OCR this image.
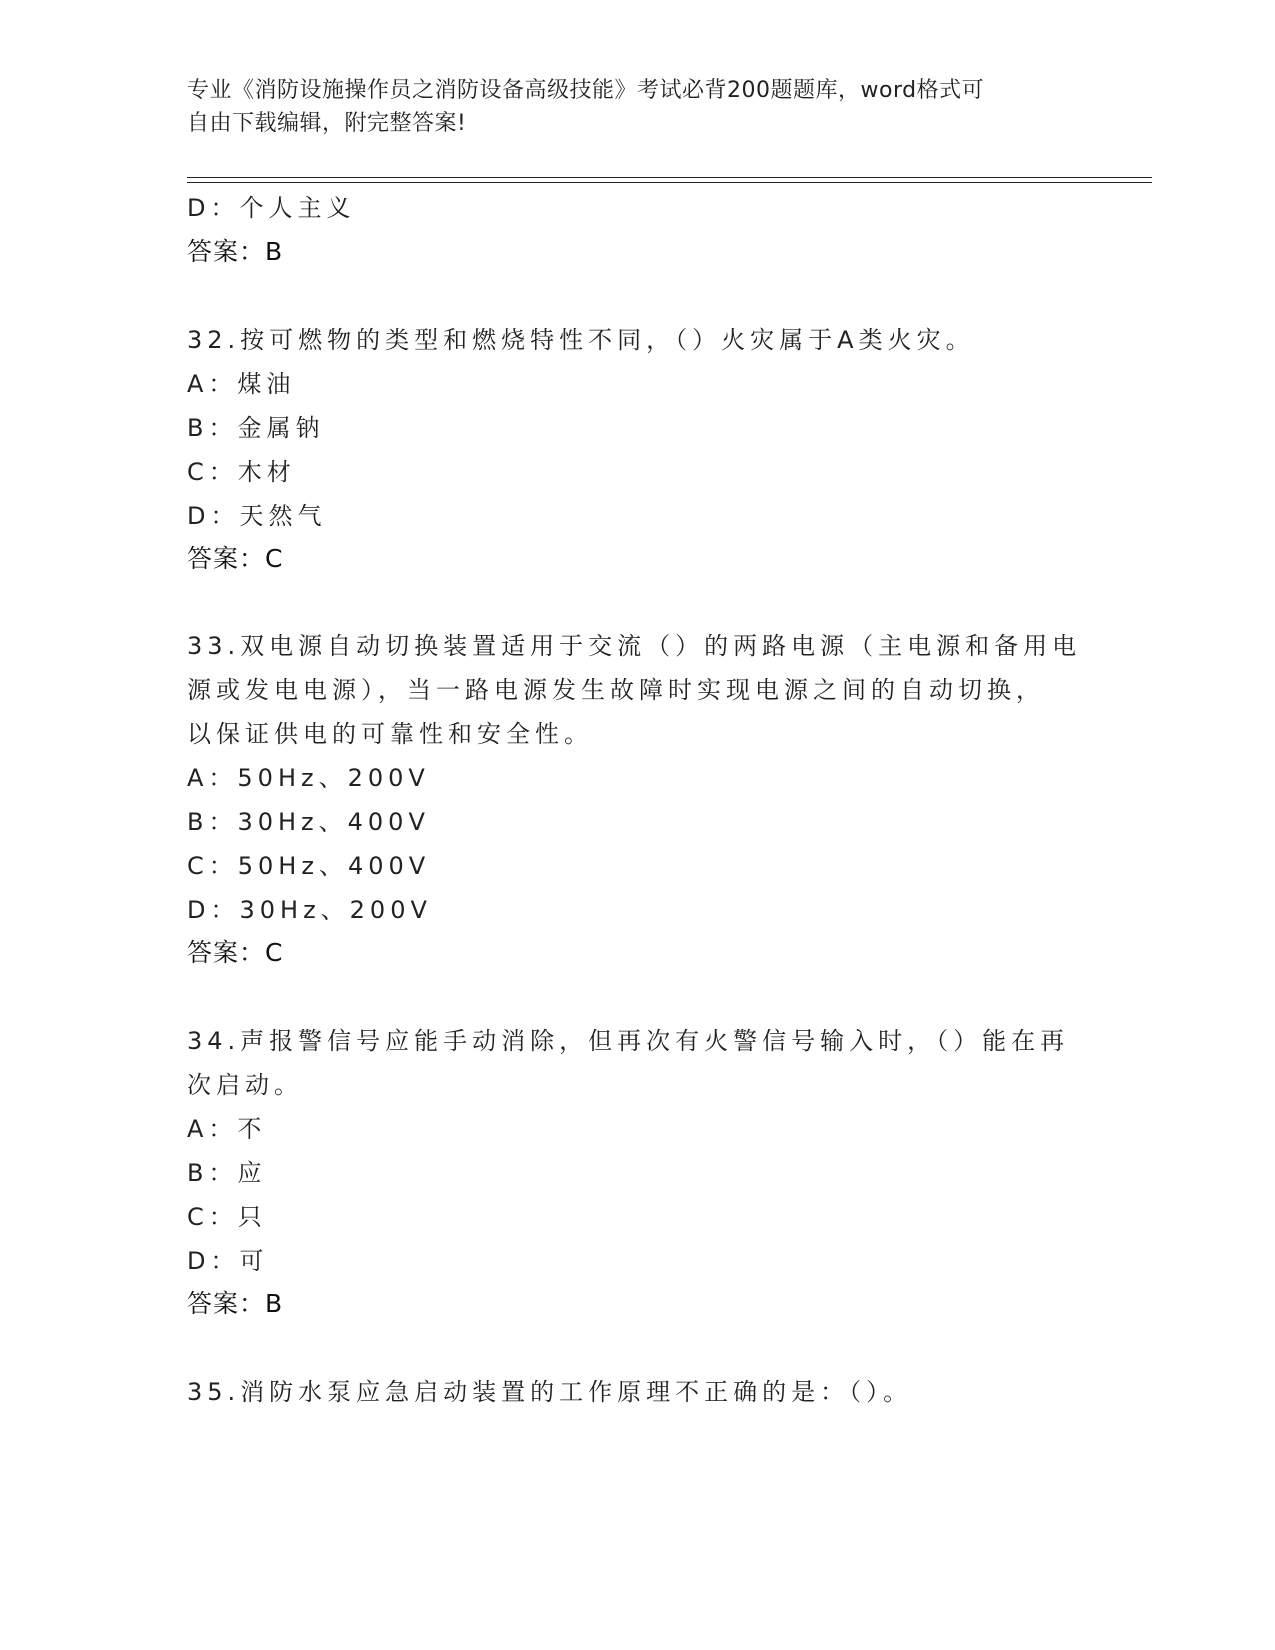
专业《消防设施操作员之消防设备高级技能》考试必背200题题库，word格式可
自由下载编辑，附完整答案!
D：个人主义
答案：B
32.按可燃物的类型和燃烧特性不同，（）火灾属于A类火灾。
A：煤油
B：金属钠
C：木材
D：天然气
答案：C
33.双电源自动切换装置适用于交流（）的两路电源（主电源和备用电
源或发电电源），当一路电源发生故障时实现电源之间的自动切换，
以保证供电的可靠性和安全性。
A：50Hz、200V
B：30Hz、400V
C：50Hz、400V
D：30Hz、200V
答案：C
34.声报警信号应能手动消除，但再次有火警信号输入时，（）能在再
次启动。
A：不
B：应
C：只
D：可
答案：B
35.消防水泵应急启动装置的工作原理不正确的是：（）。
